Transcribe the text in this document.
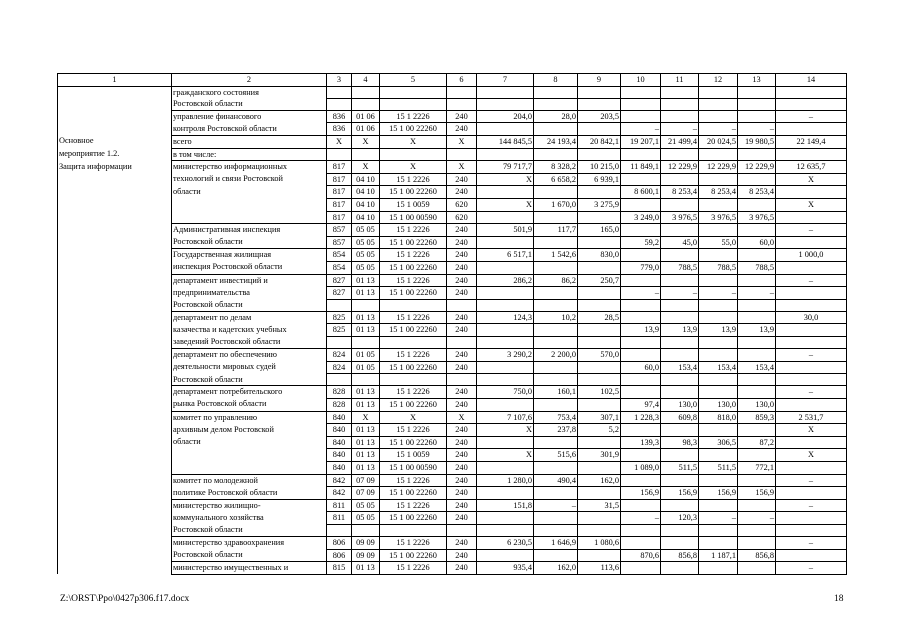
1	2	3	4	5	6	7	8	9	10	11	12	13	14
	гражданского состояния												
	Ростовской области												
	управление финансового	836	01 06	15 1 2226	240	204,0	28,0	203,5					–
	контроля Ростовской области	836	01 06	15 1 00 22260	240				–	–	–	–	
Основное	всего	X	X	X	X	144 845,5	24 193,4	20 842,1	19 207,1	21 499,4	20 024,5	19 980,5	22 149,4
мероприятие 1.2.	в том числе:												
Защита информации	министерство информационных	817	X	X	X	79 717,7	8 328,2	10 215,0	11 849,1	12 229,9	12 229,9	12 229,9	12 635,7
	технологий и связи Ростовской	817	04 10	15 1 2226	240	X	6 658,2	6 939,1					X
	области	817	04 10	15 1 00 22260	240				8 600,1	8 253,4	8 253,4	8 253,4	
		817	04 10	15 1 0059	620	X	1 670,0	3 275,9					X
		817	04 10	15 1 00 00590	620				3 249,0	3 976,5	3 976,5	3 976,5	
	Административная инспекция	857	05 05	15 1 2226	240	501,9	117,7	165,0					–
	Ростовской области	857	05 05	15 1 00 22260	240				59,2	45,0	55,0	60,0	
	Государственная жилищная	854	05 05	15 1 2226	240	6 517,1	1 542,6	830,0					1 000,0
	инспекция Ростовской области	854	05 05	15 1 00 22260	240				779,0	788,5	788,5	788,5	
	департамент инвестиций и	827	01 13	15 1 2226	240	286,2	86,2	250,7					–
	предпринимательства	827	01 13	15 1 00 22260	240				–	–	–	–	
	Ростовской области												
	департамент по делам	825	01 13	15 1 2226	240	124,3	10,2	28,5					30,0
	казачества и кадетских учебных	825	01 13	15 1 00 22260	240				13,9	13,9	13,9	13,9	
	заведений Ростовской области												
	департамент по обеспечению	824	01 05	15 1 2226	240	3 290,2	2 200,0	570,0					–
	деятельности мировых судей	824	01 05	15 1 00 22260	240				60,0	153,4	153,4	153,4	
	Ростовской области												
	департамент потребительского	828	01 13	15 1 2226	240	750,0	160,1	102,5					–
	рынка Ростовской области	828	01 13	15 1 00 22260	240				97,4	130,0	130,0	130,0	
	комитет по управлению	840	X	X	X	7 107,6	753,4	307,1	1 228,3	609,8	818,0	859,3	2 531,7
	архивным делом Ростовской	840	01 13	15 1 2226	240	X	237,8	5,2					X
	области	840	01 13	15 1 00 22260	240				139,3	98,3	306,5	87,2	
		840	01 13	15 1 0059	240	X	515,6	301,9					X
		840	01 13	15 1 00 00590	240				1 089,0	511,5	511,5	772,1	
	комитет по молодежной	842	07 09	15 1 2226	240	1 280,0	490,4	162,0					–
	политике Ростовской области	842	07 09	15 1 00 22260	240				156,9	156,9	156,9	156,9	
	министерство жилищно-	811	05 05	15 1 2226	240	151,8	–	31,5					–
	коммунального хозяйства	811	05 05	15 1 00 22260	240				–	120,3	–	–	
	Ростовской области												
	министерство здравоохранения	806	09 09	15 1 2226	240	6 230,5	1 646,9	1 080,6					–
	Ростовской области	806	09 09	15 1 00 22260	240				870,6	856,8	1 187,1	856,8	
	министерство имущественных и	815	01 13	15 1 2226	240	935,4	162,0	113,6					–
Z:\ORST\Ppo\0427p306.f17.docx	18
